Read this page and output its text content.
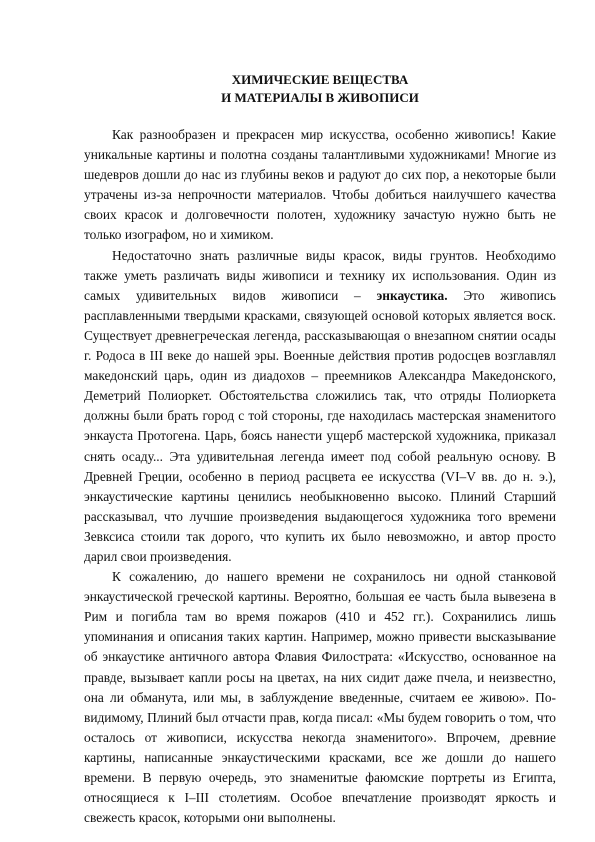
ХИМИЧЕСКИЕ ВЕЩЕСТВА
И МАТЕРИАЛЫ В ЖИВОПИСИ

Как разнообразен и прекрасен мир искусства, особенно живопись! Какие уникальные картины и полотна созданы талантливыми художниками! Многие из шедевров дошли до нас из глубины веков и радуют до сих пор, а некоторые были утрачены из-за непрочности материалов. Чтобы добиться наилучшего качества своих красок и долговечности полотен, художнику зачастую нужно быть не только изографом, но и химиком.

Недостаточно знать различные виды красок, виды грунтов. Необходимо также уметь различать виды живописи и технику их использования. Один из самых удивительных видов живописи – энкаустика. Это живопись расплавленными твердыми красками, связующей основой которых является воск. Существует древнегреческая легенда, рассказывающая о внезапном снятии осады г. Родоса в III веке до нашей эры. Военные действия против родосцев возглавлял македонский царь, один из диадохов – преемников Александра Македонского, Деметрий Полиоркет. Обстоятельства сложились так, что отряды Полиоркета должны были брать город с той стороны, где находилась мастерская знаменитого энкауста Протогена. Царь, боясь нанести ущерб мастерской художника, приказал снять осаду... Эта удивительная легенда имеет под собой реальную основу. В Древней Греции, особенно в период расцвета ее искусства (VI–V вв. до н. э.), энкаустические картины ценились необыкновенно высоко. Плиний Старший рассказывал, что лучшие произведения выдающегося художника того времени Зевксиса стоили так дорого, что купить их было невозможно, и автор просто дарил свои произведения.

К сожалению, до нашего времени не сохранилось ни одной станковой энкаустической греческой картины. Вероятно, большая ее часть была вывезена в Рим и погибла там во время пожаров (410 и 452 гг.). Сохранились лишь упоминания и описания таких картин. Например, можно привести высказывание об энкаустике античного автора Флавия Филострата: «Искусство, основанное на правде, вызывает капли росы на цветах, на них сидит даже пчела, и неизвестно, она ли обманута, или мы, в заблуждение введенные, считаем ее живою». По-видимому, Плиний был отчасти прав, когда писал: «Мы будем говорить о том, что осталось от живописи, искусства некогда знаменитого». Впрочем, древние картины, написанные энкаустическими красками, все же дошли до нашего времени. В первую очередь, это знаменитые фаюмские портреты из Египта, относящиеся к I–III столетиям. Особое впечатление производят яркость и свежесть красок, которыми они выполнены.
